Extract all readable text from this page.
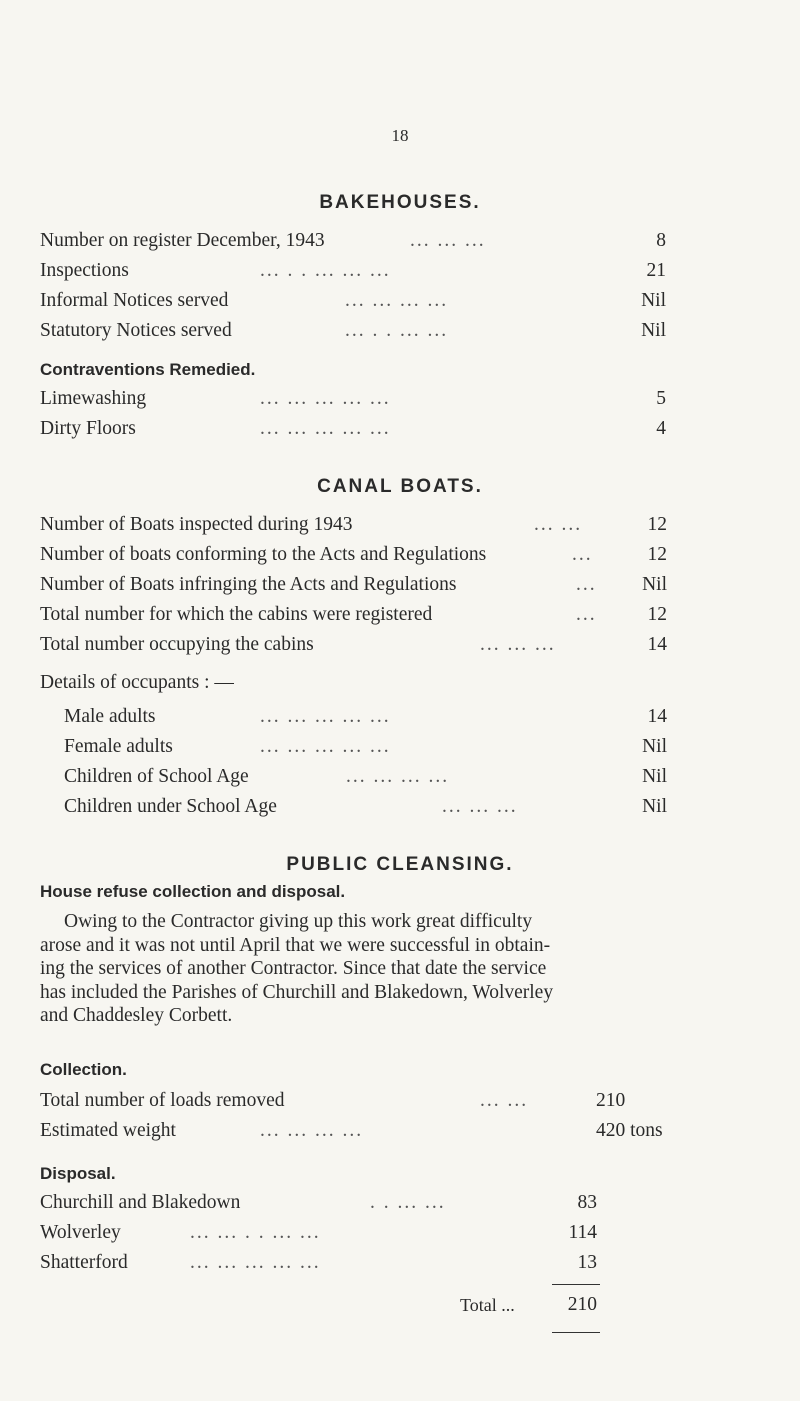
18
BAKEHOUSES.
Number on register December, 1943	... ... ...	8
Inspections	... . . ... ... ...	21
Informal Notices served	... ... ... ...	Nil
Statutory Notices served	... . . ... ...	Nil
Contraventions Remedied.
Limewashing	... ... ... ... ...	5
Dirty Floors	... ... ... ... ...	4
CANAL BOATS.
Number of Boats inspected during 1943	... ...	12
Number of boats conforming to the Acts and Regulations	...	12
Number of Boats infringing the Acts and Regulations	... Nil
Total number for which the cabins were registered	...	12
Total number occupying the cabins	... ... ...	14
Details of occupants : —
Male adults	... ... ... ... ...	14
Female adults	... ... ... ... ...	Nil
Children of School Age	... ... ... ...	Nil
Children under School Age	... ... ...	Nil
PUBLIC CLEANSING.
House refuse collection and disposal.
Owing to the Contractor giving up this work great difficulty
arose and it was not until April that we were successful in obtain-
ing the services of another Contractor. Since that date the service
has included the Parishes of Churchill and Blakedown, Wolverley
and Chaddesley Corbett.
Collection.
Total number of loads removed	... ...	210
Estimated weight	... ... ... ...	420 tons
Disposal.
Churchill and Blakedown	. . ... ...	83
Wolverley	... ... . . ... ...	114
Shatterford	... ... ... ... ...	13
Total ...	210
